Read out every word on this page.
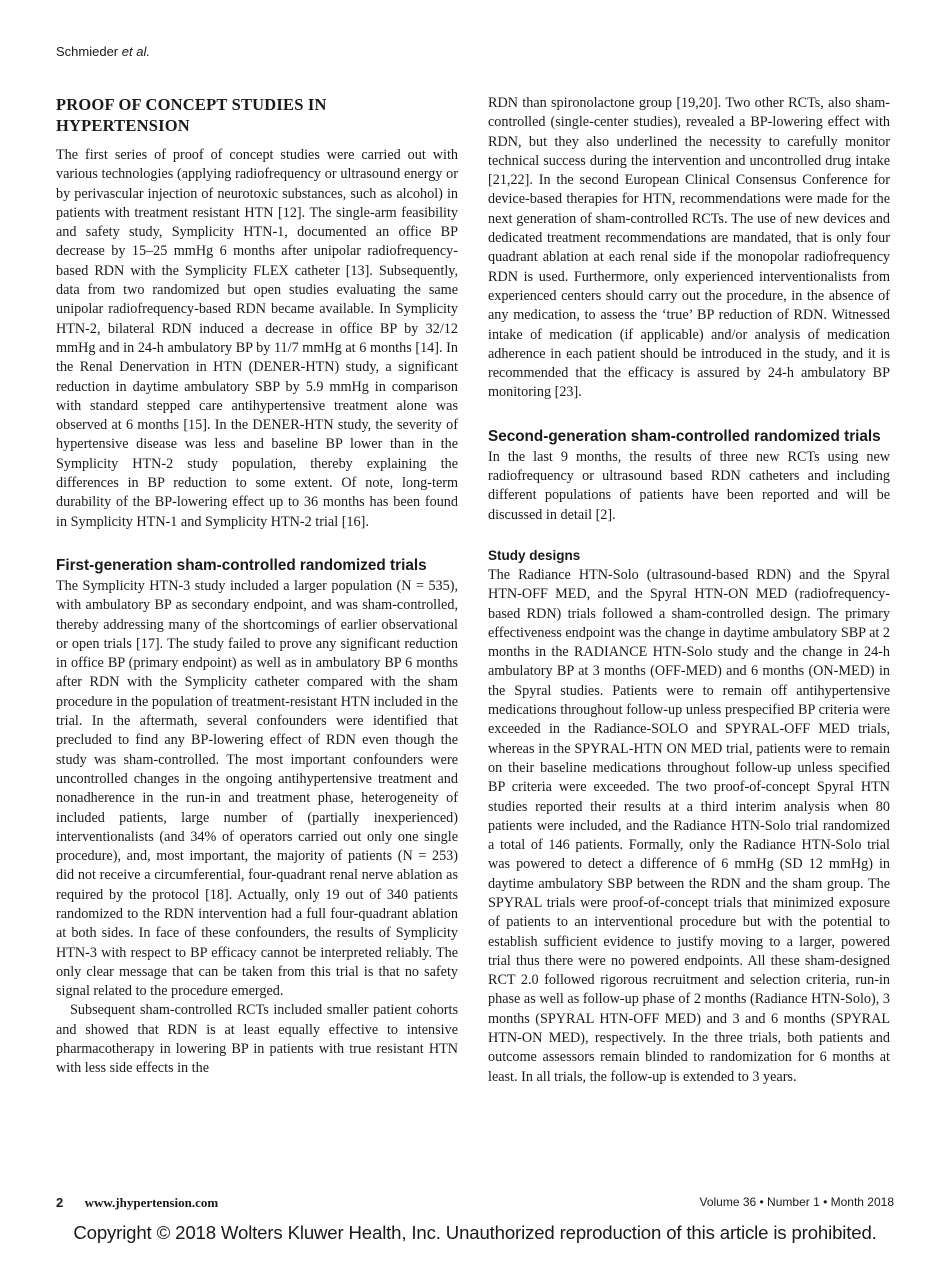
Schmieder et al.
PROOF OF CONCEPT STUDIES IN HYPERTENSION

The first series of proof of concept studies were carried out with various technologies (applying radiofrequency or ultrasound energy or by perivascular injection of neurotoxic substances, such as alcohol) in patients with treatment resistant HTN [12]. The single-arm feasibility and safety study, Symplicity HTN-1, documented an office BP decrease by 15–25 mmHg 6 months after unipolar radiofrequency-based RDN with the Symplicity FLEX catheter [13]. Subsequently, data from two randomized but open studies evaluating the same unipolar radiofrequency-based RDN became available. In Symplicity HTN-2, bilateral RDN induced a decrease in office BP by 32/12 mmHg and in 24-h ambulatory BP by 11/7 mmHg at 6 months [14]. In the Renal Denervation in HTN (DENER-HTN) study, a significant reduction in daytime ambulatory SBP by 5.9 mmHg in comparison with standard stepped care antihypertensive treatment alone was observed at 6 months [15]. In the DENER-HTN study, the severity of hypertensive disease was less and baseline BP lower than in the Symplicity HTN-2 study population, thereby explaining the differences in BP reduction to some extent. Of note, long-term durability of the BP-lowering effect up to 36 months has been found in Symplicity HTN-1 and Symplicity HTN-2 trial [16].

First-generation sham-controlled randomized trials

The Symplicity HTN-3 study included a larger population (N = 535), with ambulatory BP as secondary endpoint, and was sham-controlled, thereby addressing many of the shortcomings of earlier observational or open trials [17]. The study failed to prove any significant reduction in office BP (primary endpoint) as well as in ambulatory BP 6 months after RDN with the Symplicity catheter compared with the sham procedure in the population of treatment-resistant HTN included in the trial. In the aftermath, several confounders were identified that precluded to find any BP-lowering effect of RDN even though the study was sham-controlled. The most important confounders were uncontrolled changes in the ongoing antihypertensive treatment and nonadherence in the run-in and treatment phase, heterogeneity of included patients, large number of (partially inexperienced) interventionalists (and 34% of operators carried out only one single procedure), and, most important, the majority of patients (N = 253) did not receive a circumferential, four-quadrant renal nerve ablation as required by the protocol [18]. Actually, only 19 out of 340 patients randomized to the RDN intervention had a full four-quadrant ablation at both sides. In face of these confounders, the results of Symplicity HTN-3 with respect to BP efficacy cannot be interpreted reliably. The only clear message that can be taken from this trial is that no safety signal related to the procedure emerged.

Subsequent sham-controlled RCTs included smaller patient cohorts and showed that RDN is at least equally effective to intensive pharmacotherapy in lowering BP in patients with true resistant HTN with less side effects in the

RDN than spironolactone group [19,20]. Two other RCTs, also sham-controlled (single-center studies), revealed a BP-lowering effect with RDN, but they also underlined the necessity to carefully monitor technical success during the intervention and uncontrolled drug intake [21,22]. In the second European Clinical Consensus Conference for device-based therapies for HTN, recommendations were made for the next generation of sham-controlled RCTs. The use of new devices and dedicated treatment recommendations are mandated, that is only four quadrant ablation at each renal side if the monopolar radiofrequency RDN is used. Furthermore, only experienced interventionalists from experienced centers should carry out the procedure, in the absence of any medication, to assess the ‘true’ BP reduction of RDN. Witnessed intake of medication (if applicable) and/or analysis of medication adherence in each patient should be introduced in the study, and it is recommended that the efficacy is assured by 24-h ambulatory BP monitoring [23].

Second-generation sham-controlled randomized trials

In the last 9 months, the results of three new RCTs using new radiofrequency or ultrasound based RDN catheters and including different populations of patients have been reported and will be discussed in detail [2].

Study designs

The Radiance HTN-Solo (ultrasound-based RDN) and the Spyral HTN-OFF MED, and the Spyral HTN-ON MED (radiofrequency-based RDN) trials followed a sham-controlled design. The primary effectiveness endpoint was the change in daytime ambulatory SBP at 2 months in the RADIANCE HTN-Solo study and the change in 24-h ambulatory BP at 3 months (OFF-MED) and 6 months (ON-MED) in the Spyral studies. Patients were to remain off antihypertensive medications throughout follow-up unless prespecified BP criteria were exceeded in the Radiance-SOLO and SPYRAL-OFF MED trials, whereas in the SPYRAL-HTN ON MED trial, patients were to remain on their baseline medications throughout follow-up unless specified BP criteria were exceeded. The two proof-of-concept Spyral HTN studies reported their results at a third interim analysis when 80 patients were included, and the Radiance HTN-Solo trial randomized a total of 146 patients. Formally, only the Radiance HTN-Solo trial was powered to detect a difference of 6 mmHg (SD 12 mmHg) in daytime ambulatory SBP between the RDN and the sham group. The SPYRAL trials were proof-of-concept trials that minimized exposure of patients to an interventional procedure but with the potential to establish sufficient evidence to justify moving to a larger, powered trial thus there were no powered endpoints. All these sham-designed RCT 2.0 followed rigorous recruitment and selection criteria, run-in phase as well as follow-up phase of 2 months (Radiance HTN-Solo), 3 months (SPYRAL HTN-OFF MED) and 3 and 6 months (SPYRAL HTN-ON MED), respectively. In the three trials, both patients and outcome assessors remain blinded to randomization for 6 months at least. In all trials, the follow-up is extended to 3 years.

2 www.jhypertension.com	Volume 36 • Number 1 • Month 2018
Copyright © 2018 Wolters Kluwer Health, Inc. Unauthorized reproduction of this article is prohibited.
